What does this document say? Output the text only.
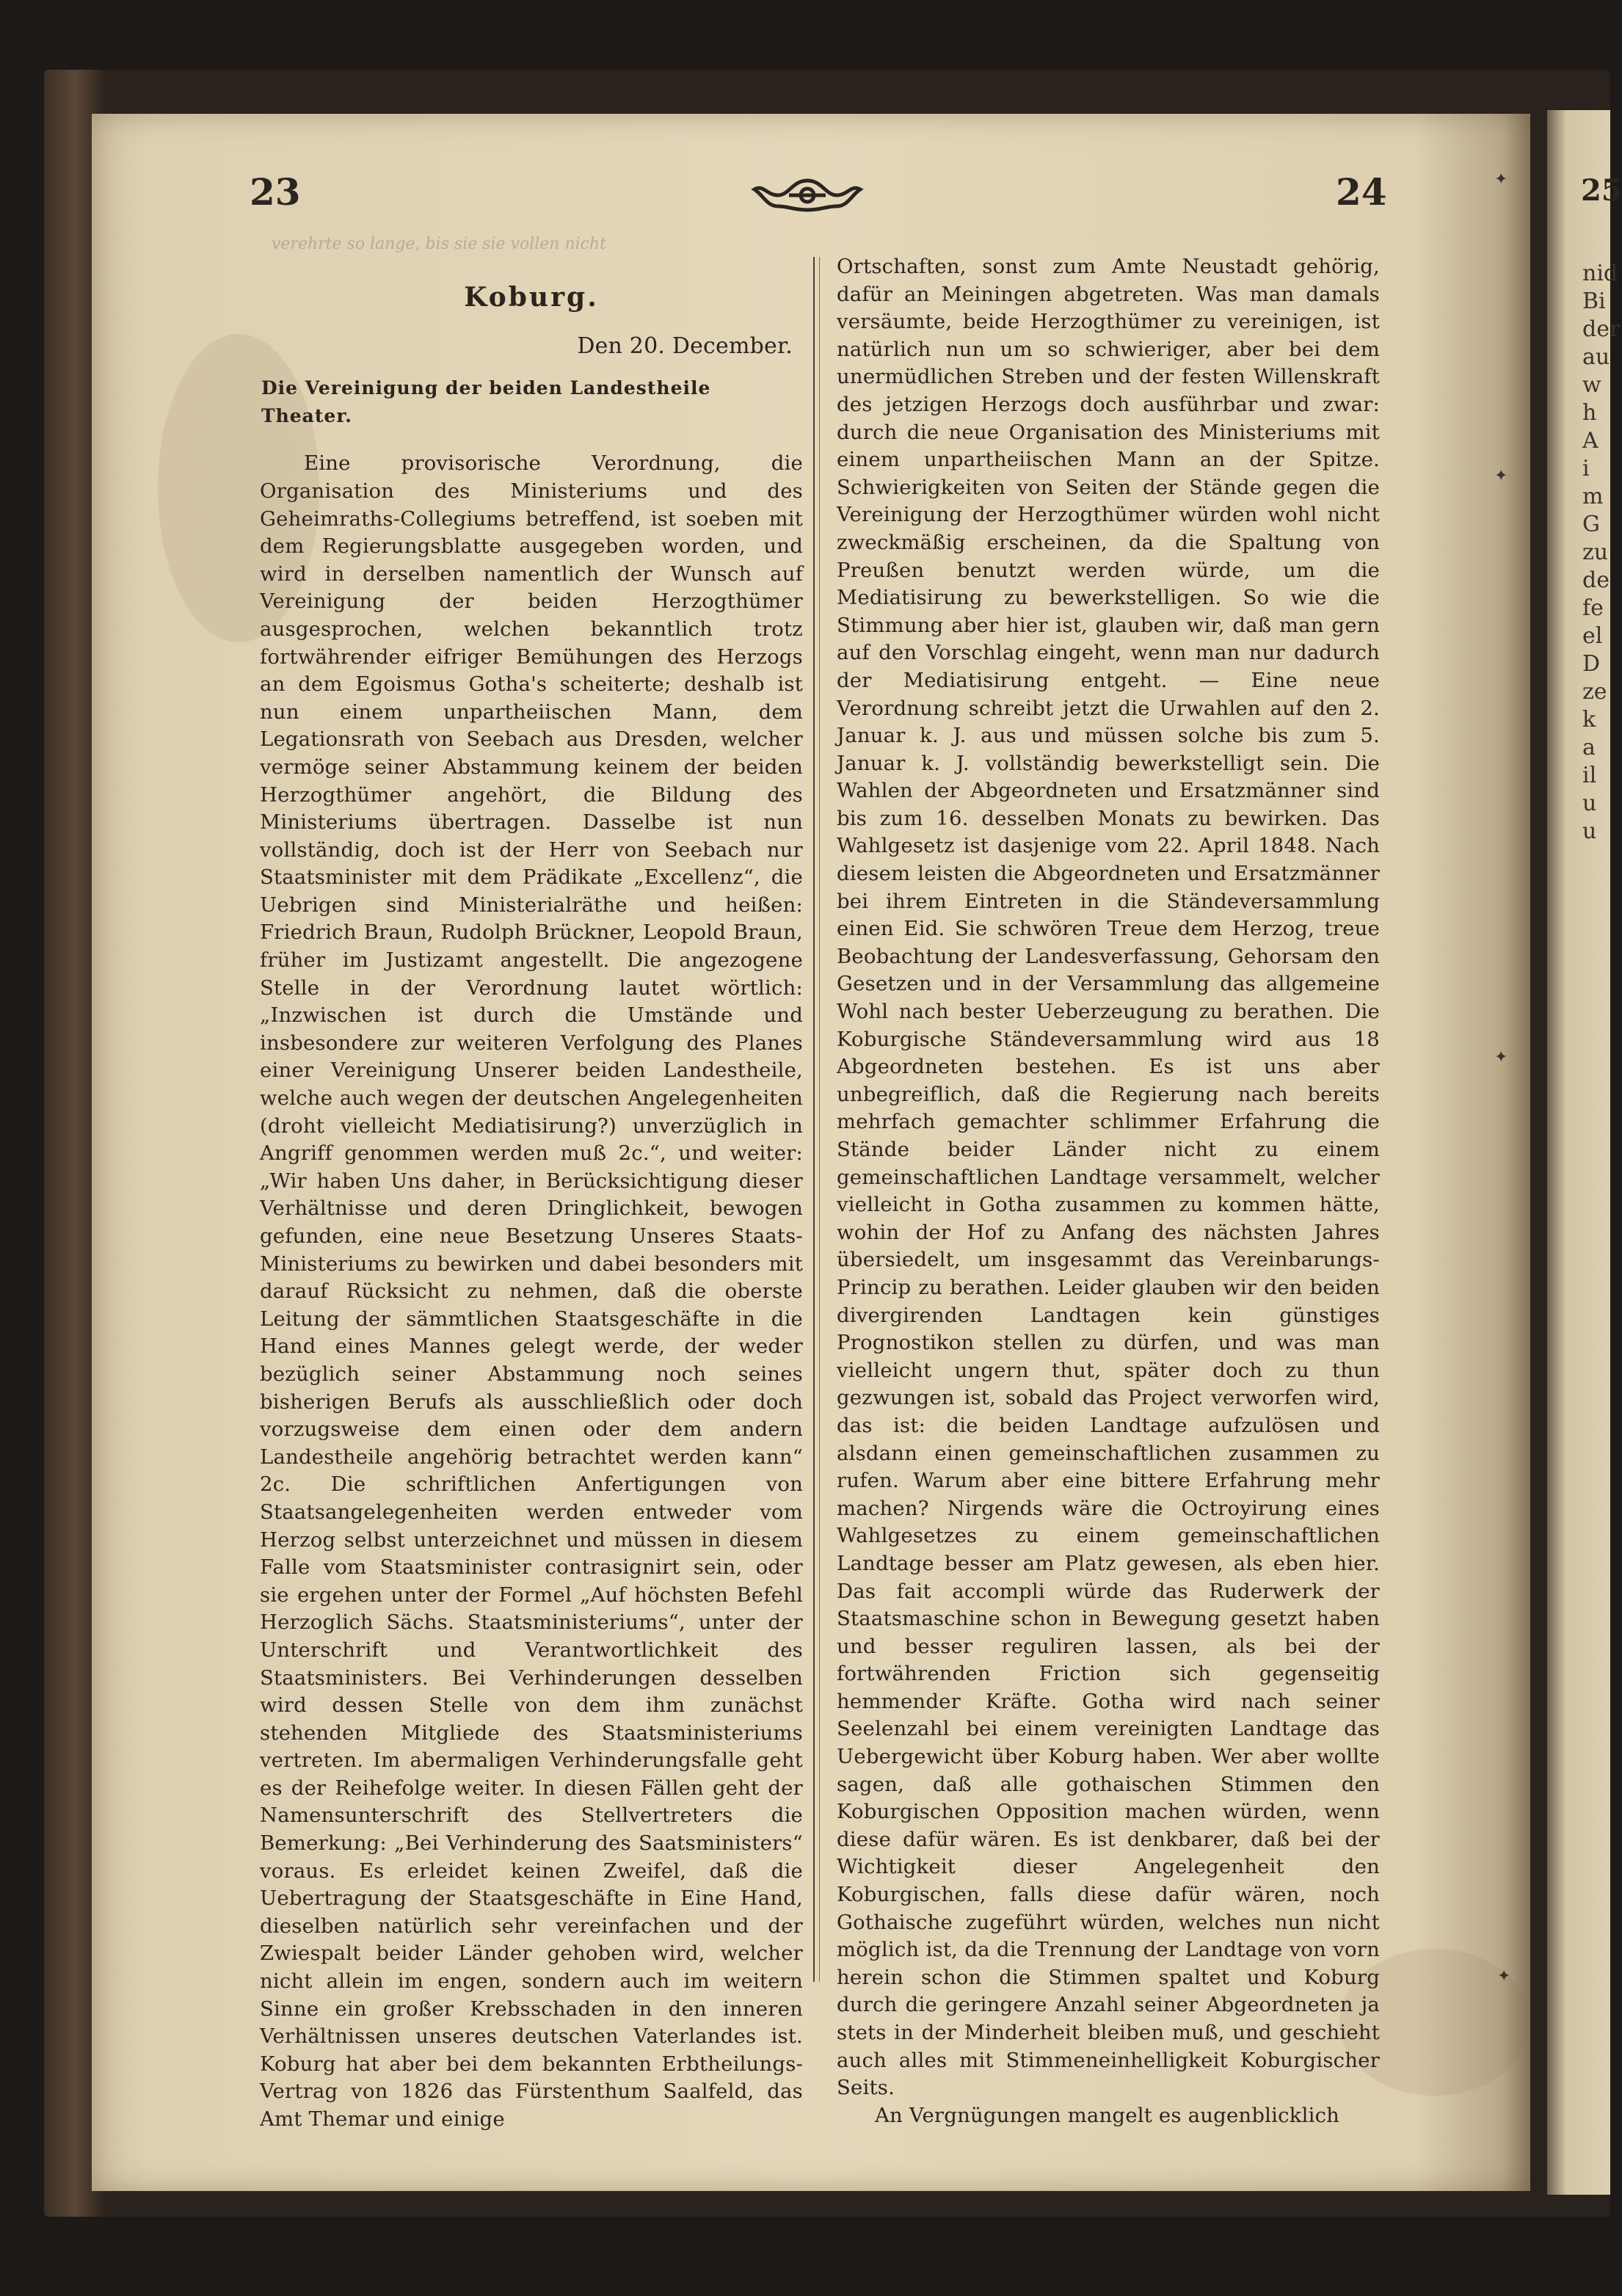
25
nid
Bi
der
au
w
h
A
i
m
G
zu
de
fe
el
D
ze
k
a
il
u
u
23	24
Koburg.
Den 20. December.
Die Vereinigung der beiden Landestheile Theater.

Eine provisorische Verordnung, die Organisation des Ministeriums und des Geheimraths-Collegiums betreffend, ist soeben mit dem Regierungsblatte ausgegeben worden, und wird in derselben namentlich der Wunsch auf Vereinigung der beiden Herzogthümer ausgesprochen, welchen bekanntlich trotz fortwährender eifriger Bemühungen des Herzogs an dem Egoismus Gotha's scheiterte; deshalb ist nun einem unpartheiischen Mann, dem Legationsrath von Seebach aus Dresden, welcher vermöge seiner Abstammung keinem der beiden Herzogthümer angehört, die Bildung des Ministeriums übertragen. Dasselbe ist nun vollständig, doch ist der Herr von Seebach nur Staatsminister mit dem Prädikate „Excellenz“, die Uebrigen sind Ministerialräthe und heißen: Friedrich Braun, Rudolph Brückner, Leopold Braun, früher im Justizamt angestellt. Die angezogene Stelle in der Verordnung lautet wörtlich: „Inzwischen ist durch die Umstände und insbesondere zur weiteren Verfolgung des Planes einer Vereinigung Unserer beiden Landestheile, welche auch wegen der deutschen Angelegenheiten (droht vielleicht Mediatisirung?) unverzüglich in Angriff genommen werden muß 2c.“, und weiter: „Wir haben Uns daher, in Berücksichtigung dieser Verhältnisse und deren Dringlichkeit, bewogen gefunden, eine neue Besetzung Unseres Staats-Ministeriums zu bewirken und dabei besonders mit darauf Rücksicht zu nehmen, daß die oberste Leitung der sämmtlichen Staatsgeschäfte in die Hand eines Mannes gelegt werde, der weder bezüglich seiner Abstammung noch seines bisherigen Berufs als ausschließlich oder doch vorzugsweise dem einen oder dem andern Landestheile angehörig betrachtet werden kann“ 2c. Die schriftlichen Anfertigungen von Staatsangelegenheiten werden entweder vom Herzog selbst unterzeichnet und müssen in diesem Falle vom Staatsminister contrasignirt sein, oder sie ergehen unter der Formel „Auf höchsten Befehl Herzoglich Sächs. Staatsministeriums“, unter der Unterschrift und Verantwortlichkeit des Staatsministers. Bei Verhinderungen desselben wird dessen Stelle von dem ihm zunächst stehenden Mitgliede des Staatsministeriums vertreten. Im abermaligen Verhinderungsfalle geht es der Reihefolge weiter. In diesen Fällen geht der Namensunterschrift des Stellvertreters die Bemerkung: „Bei Verhinderung des Saatsministers“ voraus. Es erleidet keinen Zweifel, daß die Uebertragung der Staatsgeschäfte in Eine Hand, dieselben natürlich sehr vereinfachen und der Zwiespalt beider Länder gehoben wird, welcher nicht allein im engen, sondern auch im weitern Sinne ein großer Krebsschaden in den inneren Verhältnissen unseres deutschen Vaterlandes ist. Koburg hat aber bei dem bekannten Erbtheilungs-Vertrag von 1826 das Fürstenthum Saalfeld, das Amt Themar und einige

Ortschaften, sonst zum Amte Neustadt gehörig, dafür an Meiningen abgetreten. Was man damals versäumte, beide Herzogthümer zu vereinigen, ist natürlich nun um so schwieriger, aber bei dem unermüdlichen Streben und der festen Willenskraft des jetzigen Herzogs doch ausführbar und zwar: durch die neue Organisation des Ministeriums mit einem unpartheiischen Mann an der Spitze. Schwierigkeiten von Seiten der Stände gegen die Vereinigung der Herzogthümer würden wohl nicht zweckmäßig erscheinen, da die Spaltung von Preußen benutzt werden würde, um die Mediatisirung zu bewerkstelligen. So wie die Stimmung aber hier ist, glauben wir, daß man gern auf den Vorschlag eingeht, wenn man nur dadurch der Mediatisirung entgeht. — Eine neue Verordnung schreibt jetzt die Urwahlen auf den 2. Januar k. J. aus und müssen solche bis zum 5. Januar k. J. vollständig bewerkstelligt sein. Die Wahlen der Abgeordneten und Ersatzmänner sind bis zum 16. desselben Monats zu bewirken. Das Wahlgesetz ist dasjenige vom 22. April 1848. Nach diesem leisten die Abgeordneten und Ersatzmänner bei ihrem Eintreten in die Ständeversammlung einen Eid. Sie schwören Treue dem Herzog, treue Beobachtung der Landesverfassung, Gehorsam den Gesetzen und in der Versammlung das allgemeine Wohl nach bester Ueberzeugung zu berathen. Die Koburgische Ständeversammlung wird aus 18 Abgeordneten bestehen. Es ist uns aber unbegreiflich, daß die Regierung nach bereits mehrfach gemachter schlimmer Erfahrung die Stände beider Länder nicht zu einem gemeinschaftlichen Landtage versammelt, welcher vielleicht in Gotha zusammen zu kommen hätte, wohin der Hof zu Anfang des nächsten Jahres übersiedelt, um insgesammt das Vereinbarungs-Princip zu berathen. Leider glauben wir den beiden divergirenden Landtagen kein günstiges Prognostikon stellen zu dürfen, und was man vielleicht ungern thut, später doch zu thun gezwungen ist, sobald das Project verworfen wird, das ist: die beiden Landtage aufzulösen und alsdann einen gemeinschaftlichen zusammen zu rufen. Warum aber eine bittere Erfahrung mehr machen? Nirgends wäre die Octroyirung eines Wahlgesetzes zu einem gemeinschaftlichen Landtage besser am Platz gewesen, als eben hier. Das fait accompli würde das Ruderwerk der Staatsmaschine schon in Bewegung gesetzt haben und besser reguliren lassen, als bei der fortwährenden Friction sich gegenseitig hemmender Kräfte. Gotha wird nach seiner Seelenzahl bei einem vereinigten Landtage das Uebergewicht über Koburg haben. Wer aber wollte sagen, daß alle gothaischen Stimmen den Koburgischen Opposition machen würden, wenn diese dafür wären. Es ist denkbarer, daß bei der Wichtigkeit dieser Angelegenheit den Koburgischen, falls diese dafür wären, noch Gothaische zugeführt würden, welches nun nicht möglich ist, da die Trennung der Landtage von vorn herein schon die Stimmen spaltet und Koburg durch die geringere Anzahl seiner Abgeordneten ja stets in der Minderheit bleiben muß, und geschieht auch alles mit Stimmeneinhelligkeit Koburgischer Seits.

An Vergnügungen mangelt es augenblicklich

✦
✦
✦
✦
verehrte so lange, bis sie sie vollen nicht
